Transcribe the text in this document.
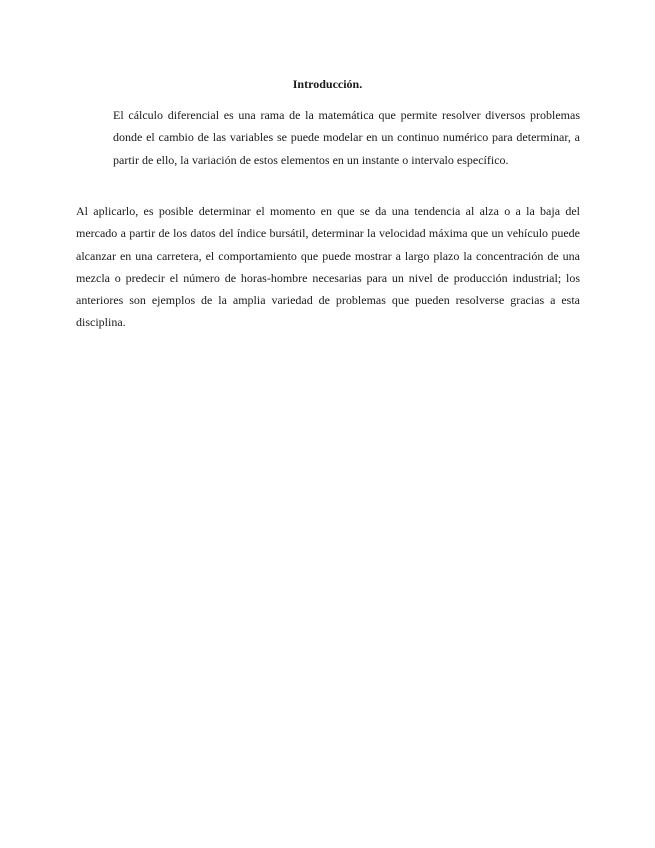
Introducción.

El cálculo diferencial es una rama de la matemática que permite resolver diversos problemas donde el cambio de las variables se puede modelar en un continuo numérico para determinar, a partir de ello, la variación de estos elementos en un instante o intervalo específico.

Al aplicarlo, es posible determinar el momento en que se da una tendencia al alza o a la baja del mercado a partir de los datos del índice bursátil, determinar la velocidad máxima que un vehículo puede alcanzar en una carretera, el comportamiento que puede mostrar a largo plazo la concentración de una mezcla o predecir el número de horas-hombre necesarias para un nivel de producción industrial; los anteriores son ejemplos de la amplia variedad de problemas que pueden resolverse gracias a esta disciplina.
